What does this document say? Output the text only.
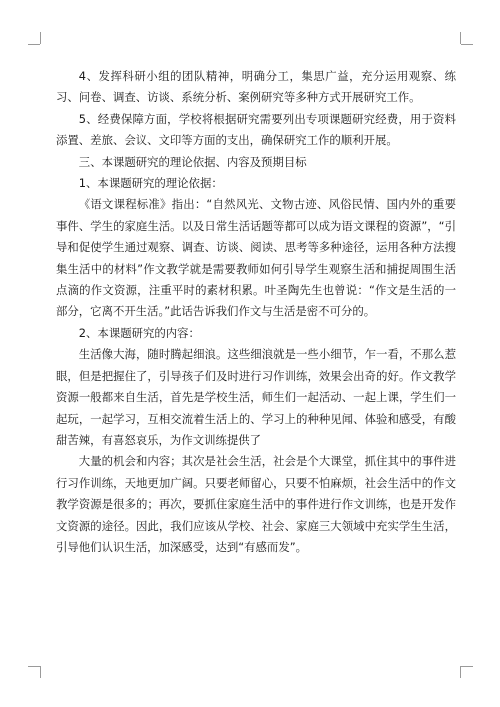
4、发挥科研小组的团队精神，明确分工，集思广益，充分运用观察、练习、问卷、调查、访谈、系统分析、案例研究等多种方式开展研究工作。

5、经费保障方面，学校将根据研究需要列出专项课题研究经费，用于资料添置、差旅、会议、文印等方面的支出，确保研究工作的顺利开展。

三、本课题研究的理论依据、内容及预期目标

1、本课题研究的理论依据：

《语文课程标准》指出：“自然风光、文物古迹、风俗民情、国内外的重要事件、学生的家庭生活。以及日常生活话题等都可以成为语文课程的资源”，“引导和促使学生通过观察、调查、访谈、阅读、思考等多种途径，运用各种方法搜集生活中的材料”作文教学就是需要教师如何引导学生观察生活和捕捉周围生活点滴的作文资源，注重平时的素材积累。叶圣陶先生也曾说：“作文是生活的一部分，它离不开生活。”此话告诉我们作文与生活是密不可分的。

2、本课题研究的内容：

生活像大海，随时腾起细浪。这些细浪就是一些小细节，乍一看，不那么惹眼，但是把握住了，引导孩子们及时进行习作训练，效果会出奇的好。作文教学资源一般都来自生活，首先是学校生活，师生们一起活动、一起上课，学生们一起玩，一起学习，互相交流着生活上的、学习上的种种见闻、体验和感受，有酸甜苦辣，有喜怒哀乐，为作文训练提供了

大量的机会和内容；其次是社会生活，社会是个大课堂，抓住其中的事件进行习作训练，天地更加广阔。只要老师留心，只要不怕麻烦，社会生活中的作文教学资源是很多的；再次，要抓住家庭生活中的事件进行作文训练，也是开发作文资源的途径。因此，我们应该从学校、社会、家庭三大领域中充实学生生活，引导他们认识生活，加深感受，达到“有感而发”。
